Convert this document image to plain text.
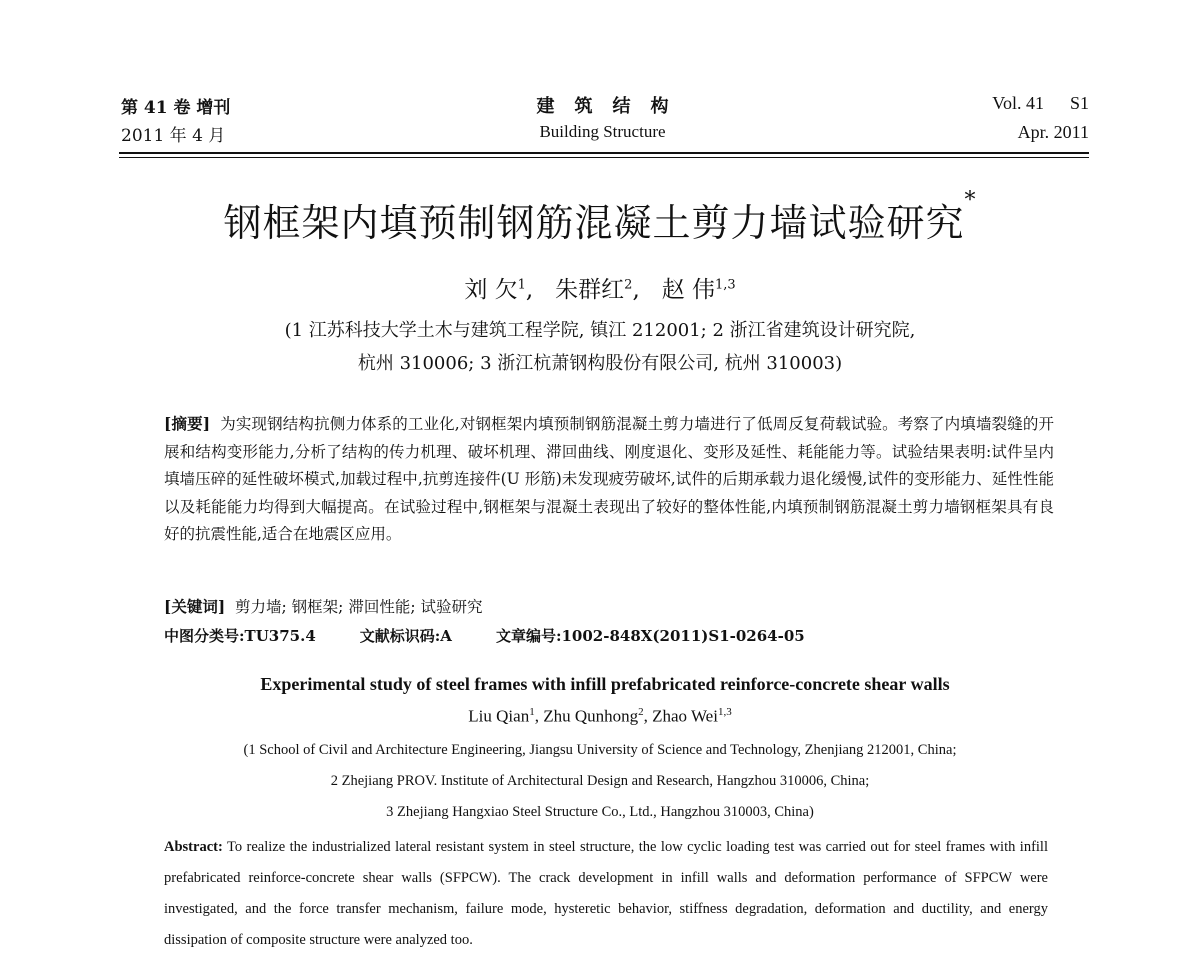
第 41 卷 增刊
2011 年 4 月
建筑结构
Building Structure
Vol. 41 S1
Apr. 2011
钢框架内填预制钢筋混凝土剪力墙试验研究*
刘 欠$^1$, 朱群红$^2$, 赵 伟$^{1,3}$
(1 江苏科技大学土木与建筑工程学院, 镇江 212001; 2 浙江省建筑设计研究院,
杭州 310006; 3 浙江杭萧钢构股份有限公司, 杭州 310003)
[摘要] 为实现钢结构抗侧力体系的工业化,对钢框架内填预制钢筋混凝土剪力墙进行了低周反复荷载试验。考察了内填墙裂缝的开展和结构变形能力,分析了结构的传力机理、破坏机理、滞回曲线、刚度退化、变形及延性、耗能能力等。试验结果表明:试件呈内填墙压碎的延性破坏模式,加载过程中,抗剪连接件(U 形筋)未发现疲劳破坏,试件的后期承载力退化缓慢,试件的变形能力、延性性能以及耗能能力均得到大幅提高。在试验过程中,钢框架与混凝土表现出了较好的整体性能,内填预制钢筋混凝土剪力墙钢框架具有良好的抗震性能,适合在地震区应用。
[关键词] 剪力墙; 钢框架; 滞回性能; 试验研究
中图分类号:TU375.4	文献标识码:A	文章编号:1002-848X(2011)S1-0264-05
Experimental study of steel frames with infill prefabricated reinforce-concrete shear walls
Liu Qian$^1$, Zhu Qunhong$^2$, Zhao Wei$^{1,3}$
(1 School of Civil and Architecture Engineering, Jiangsu University of Science and Technology, Zhenjiang 212001, China;
2 Zhejiang PROV. Institute of Architectural Design and Research, Hangzhou 310006, China;
3 Zhejiang Hangxiao Steel Structure Co., Ltd., Hangzhou 310003, China)
Abstract: To realize the industrialized lateral resistant system in steel structure, the low cyclic loading test was carried out for steel frames with infill prefabricated reinforce-concrete shear walls (SFPCW). The crack development in infill walls and deformation performance of SFPCW were investigated, and the force transfer mechanism, failure mode, hysteretic behavior, stiffness degradation, deformation and ductility, and energy dissipation of composite structure were analyzed too.
